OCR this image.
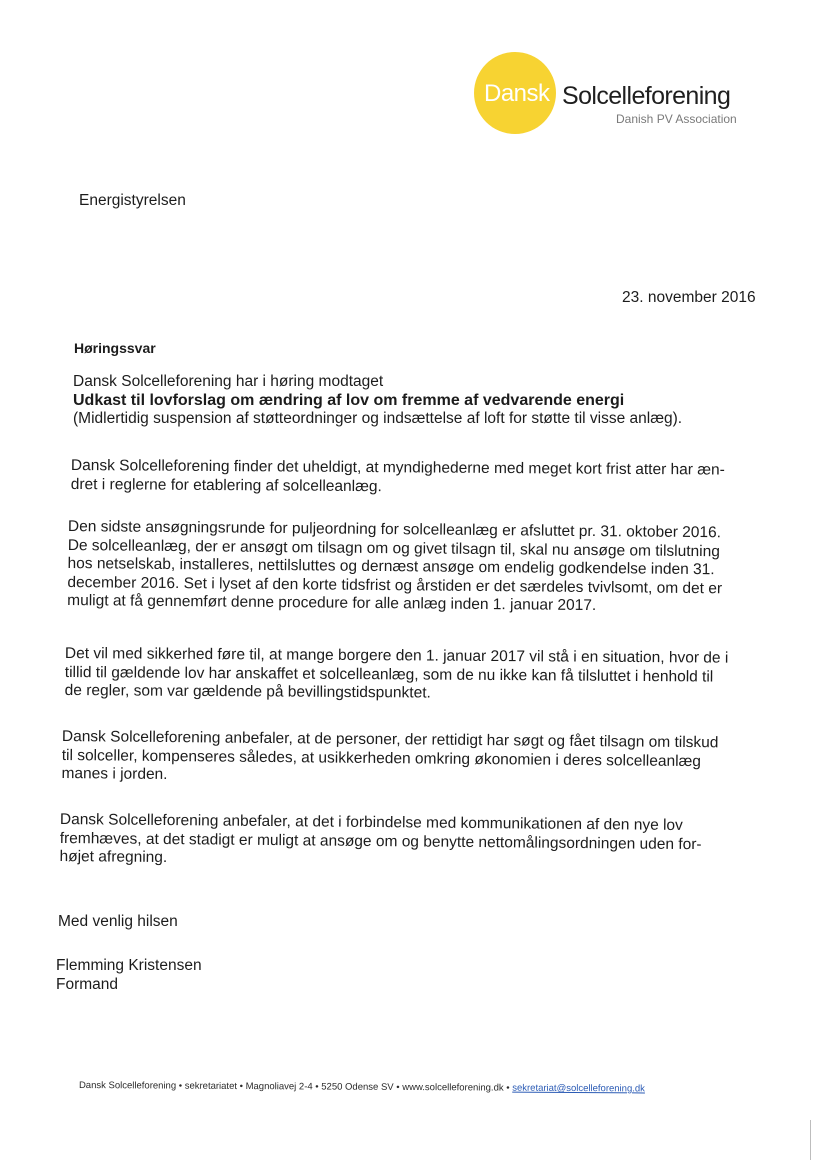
Dansk Solcelleforening
Danish PV Association
Energistyrelsen
23. november 2016
Høringssvar
Dansk Solcelleforening har i høring modtaget
Udkast til lovforslag om ændring af lov om fremme af vedvarende energi
(Midlertidig suspension af støtteordninger og indsættelse af loft for støtte til visse anlæg).
Dansk Solcelleforening finder det uheldigt, at myndighederne med meget kort frist atter har æn-
dret i reglerne for etablering af solcelleanlæg.
Den sidste ansøgningsrunde for puljeordning for solcelleanlæg er afsluttet pr. 31. oktober 2016.
De solcelleanlæg, der er ansøgt om tilsagn om og givet tilsagn til, skal nu ansøge om tilslutning
hos netselskab, installeres, nettilsluttes og dernæst ansøge om endelig godkendelse inden 31.
december 2016. Set i lyset af den korte tidsfrist og årstiden er det særdeles tvivlsomt, om det er
muligt at få gennemført denne procedure for alle anlæg inden 1. januar 2017.
Det vil med sikkerhed føre til, at mange borgere den 1. januar 2017 vil stå i en situation, hvor de i
tillid til gældende lov har anskaffet et solcelleanlæg, som de nu ikke kan få tilsluttet i henhold til
de regler, som var gældende på bevillingstidspunktet.
Dansk Solcelleforening anbefaler, at de personer, der rettidigt har søgt og fået tilsagn om tilskud
til solceller, kompenseres således, at usikkerheden omkring økonomien i deres solcelleanlæg
manes i jorden.
Dansk Solcelleforening anbefaler, at det i forbindelse med kommunikationen af den nye lov
fremhæves, at det stadigt er muligt at ansøge om og benytte nettomålingsordningen uden for-
højet afregning.
Med venlig hilsen
Flemming Kristensen
Formand
Dansk Solcelleforening • sekretariatet • Magnoliavej 2-4 • 5250 Odense SV • www.solcelleforening.dk • sekretariat@solcelleforening.dk
